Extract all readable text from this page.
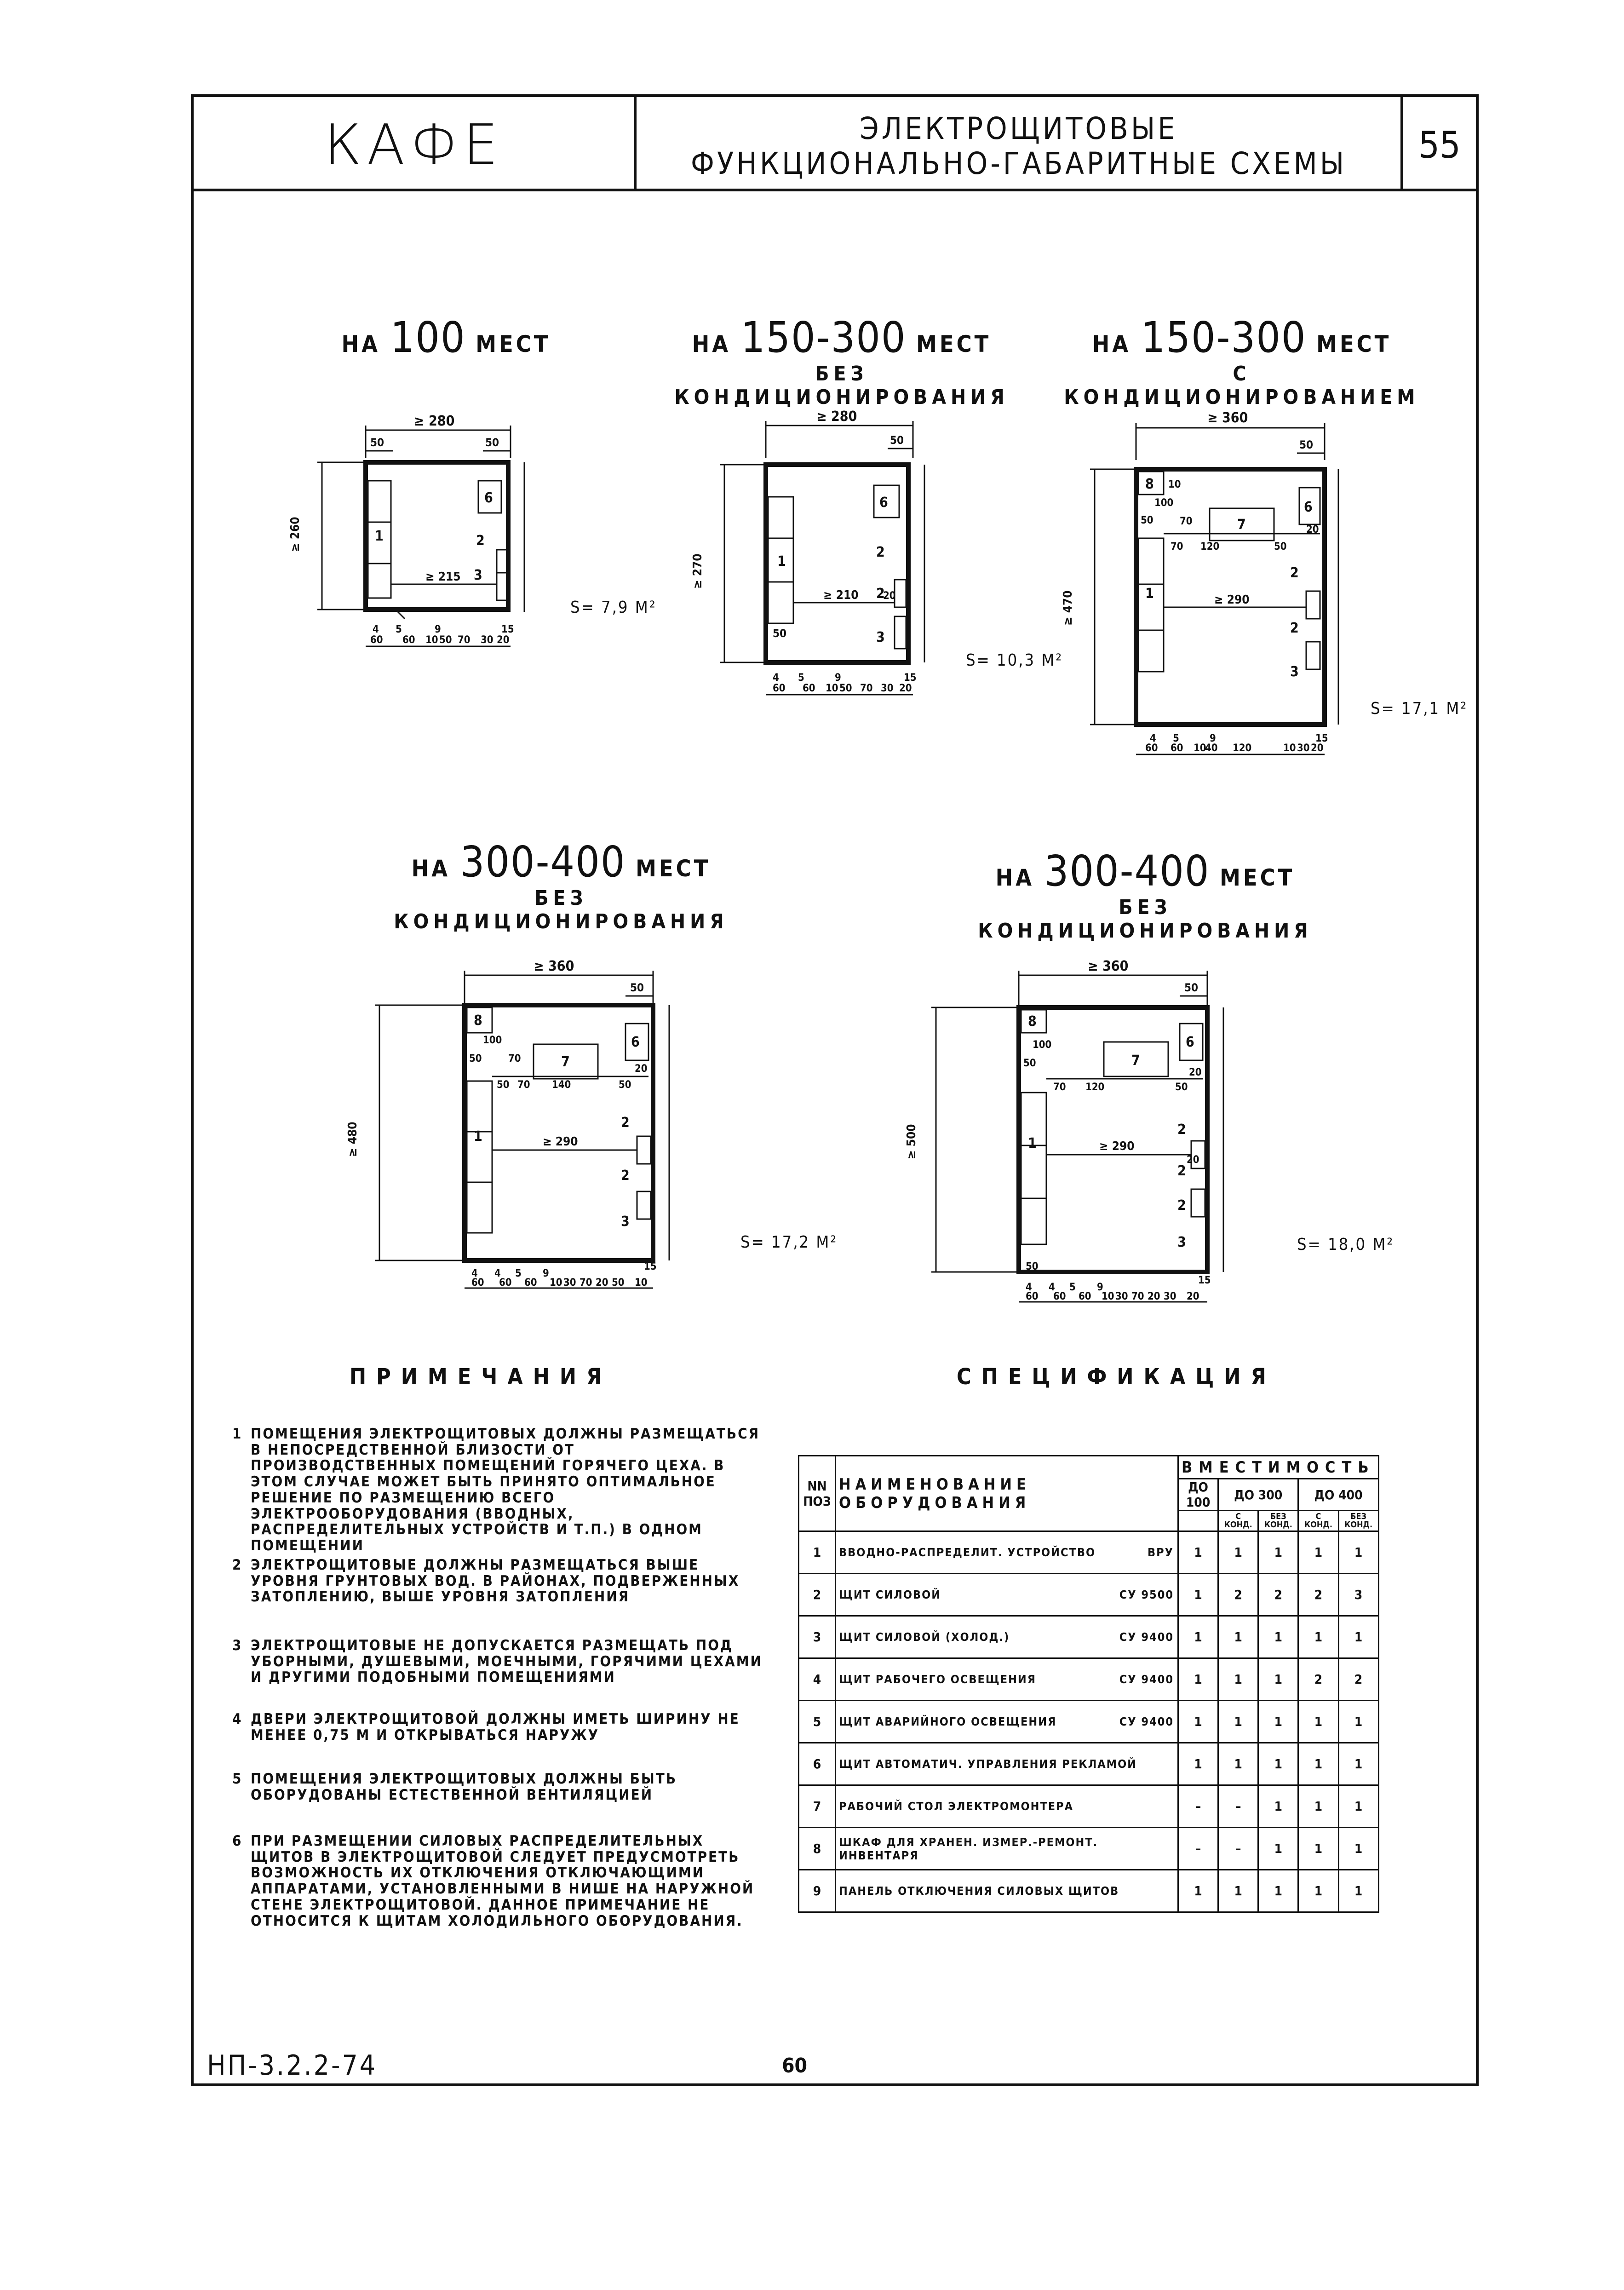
КАФЕ	ЭЛЕКТРОЩИТОВЫЕ
ФУНКЦИОНАЛЬНО-ГАБАРИТНЫЕ СХЕМЫ	55
НА 100 МЕСТ	НА 150-300 МЕСТ
БЕЗ КОНДИЦИОНИРОВАНИЯ
НА 150-300 МЕСТ
С КОНДИЦИОНИРОВАНИЕМ
НА 300-400 МЕСТ
БЕЗ КОНДИЦИОНИРОВАНИЯ
НА 300-400 МЕСТ
БЕЗ КОНДИЦИОНИРОВАНИЯ
S= 7,9 М²
S= 10,3 М²
S= 17,1 М²
S= 17,2 М²	S= 18,0 М²
≥ 280
50	50
≥ 215
6
1	2
3
≥ 260
4 5	9	15
60 60 10 50 70 30 20
≥ 280
50
≥ 210
6
1
2
2
3
50
20
≥ 270
4 5	9	15
60 60 10 50 70 30 20
≥ 360
50
≥ 290
8
6
7
1
2
2
3
100
50
70 120	50
70
10
20
≥ 470
4 5	9	15
60 60 10
40 120	10 30 20
≥ 360
50
≥ 290
8
6
7
1
2
2
3
100
50	70
50 70 140	50
20
≥ 480
4 4 5 9
15
60 60 60 10 30 70 20 50 10
≥ 360
50
≥ 290
8
6
7
1
2
2
2
3
100
50
70 120	50
20
20
50
≥ 500
4 4 5 9
15
60 60 60 10 30 70 20 30 20
ПРИМЕЧАНИЯ	СПЕЦИФИКАЦИЯ
1 ПОМЕЩЕНИЯ ЭЛЕКТРОЩИТОВЫХ ДОЛЖНЫ РАЗМЕЩАТЬСЯ В НЕПОСРЕДСТВЕННОЙ БЛИЗОСТИ ОТ ПРОИЗВОДСТВЕННЫХ ПОМЕЩЕНИЙ ГОРЯЧЕГО ЦЕХА. В ЭТОМ СЛУЧАЕ МОЖЕТ БЫТЬ ПРИНЯТО ОПТИМАЛЬНОЕ РЕШЕНИЕ ПО РАЗМЕЩЕНИЮ ВСЕГО ЭЛЕКТРООБОРУДОВАНИЯ (ВВОДНЫХ, РАСПРЕДЕЛИТЕЛЬНЫХ УСТРОЙСТВ И Т.П.) В ОДНОМ ПОМЕЩЕНИИ
2 ЭЛЕКТРОЩИТОВЫЕ ДОЛЖНЫ РАЗМЕЩАТЬСЯ ВЫШЕ УРОВНЯ ГРУНТОВЫХ ВОД. В РАЙОНАХ, ПОДВЕРЖЕННЫХ ЗАТОПЛЕНИЮ, ВЫШЕ УРОВНЯ ЗАТОПЛЕНИЯ
3 ЭЛЕКТРОЩИТОВЫЕ НЕ ДОПУСКАЕТСЯ РАЗМЕЩАТЬ ПОД УБОРНЫМИ, ДУШЕВЫМИ, МОЕЧНЫМИ, ГОРЯЧИМИ ЦЕХАМИ И ДРУГИМИ ПОДОБНЫМИ ПОМЕЩЕНИЯМИ
4 ДВЕРИ ЭЛЕКТРОЩИТОВОЙ ДОЛЖНЫ ИМЕТЬ ШИРИНУ НЕ МЕНЕЕ 0,75 М И ОТКРЫВАТЬСЯ НАРУЖУ
5 ПОМЕЩЕНИЯ ЭЛЕКТРОЩИТОВЫХ ДОЛЖНЫ БЫТЬ ОБОРУДОВАНЫ ЕСТЕСТВЕННОЙ ВЕНТИЛЯЦИЕЙ
6 ПРИ РАЗМЕЩЕНИИ СИЛОВЫХ РАСПРЕДЕЛИТЕЛЬНЫХ ЩИТОВ В ЭЛЕКТРОЩИТОВОЙ СЛЕДУЕТ ПРЕДУСМОТРЕТЬ ВОЗМОЖНОСТЬ ИХ ОТКЛЮЧЕНИЯ ОТКЛЮЧАЮЩИМИ АППАРАТАМИ, УСТАНОВЛЕННЫМИ В НИШЕ НА НАРУЖНОЙ СТЕНЕ ЭЛЕКТРОЩИТОВОЙ. ДАННОЕ ПРИМЕЧАНИЕ НЕ ОТНОСИТСЯ К ЩИТАМ ХОЛОДИЛЬНОГО ОБОРУДОВАНИЯ.
NN ПОЗ	НАИМЕНОВАНИЕ ОБОРУДОВАНИЯ	ВМЕСТИМОСТЬ				
		ДО 100	ДО 300		ДО 400	
			С КОНД.	БЕЗ КОНД.	С КОНД.	БЕЗ КОНД.
1	ВВОДНО-РАСПРЕДЕЛИТ. УСТРОЙСТВО ВРУ	1	1	1	1	1
2	ЩИТ СИЛОВОЙ СУ 9500	1	2	2	2	3
3	ЩИТ СИЛОВОЙ (ХОЛОД.) СУ 9400	1	1	1	1	1
4	ЩИТ РАБОЧЕГО ОСВЕЩЕНИЯ СУ 9400	1	1	1	2	2
5	ЩИТ АВАРИЙНОГО ОСВЕЩЕНИЯ СУ 9400	1	1	1	1	1
6	ЩИТ АВТОМАТИЧ. УПРАВЛЕНИЯ РЕКЛАМОЙ	1	1	1	1	1
7	РАБОЧИЙ СТОЛ ЭЛЕКТРОМОНТЕРА	–	–	1	1	1
8	ШКАФ ДЛЯ ХРАНЕН. ИЗМЕР.-РЕМОНТ. ИНВЕНТАРЯ	–	–	1	1	1
9	ПАНЕЛЬ ОТКЛЮЧЕНИЯ СИЛОВЫХ ЩИТОВ	1	1	1	1	1
НП-3.2.2-74	60
